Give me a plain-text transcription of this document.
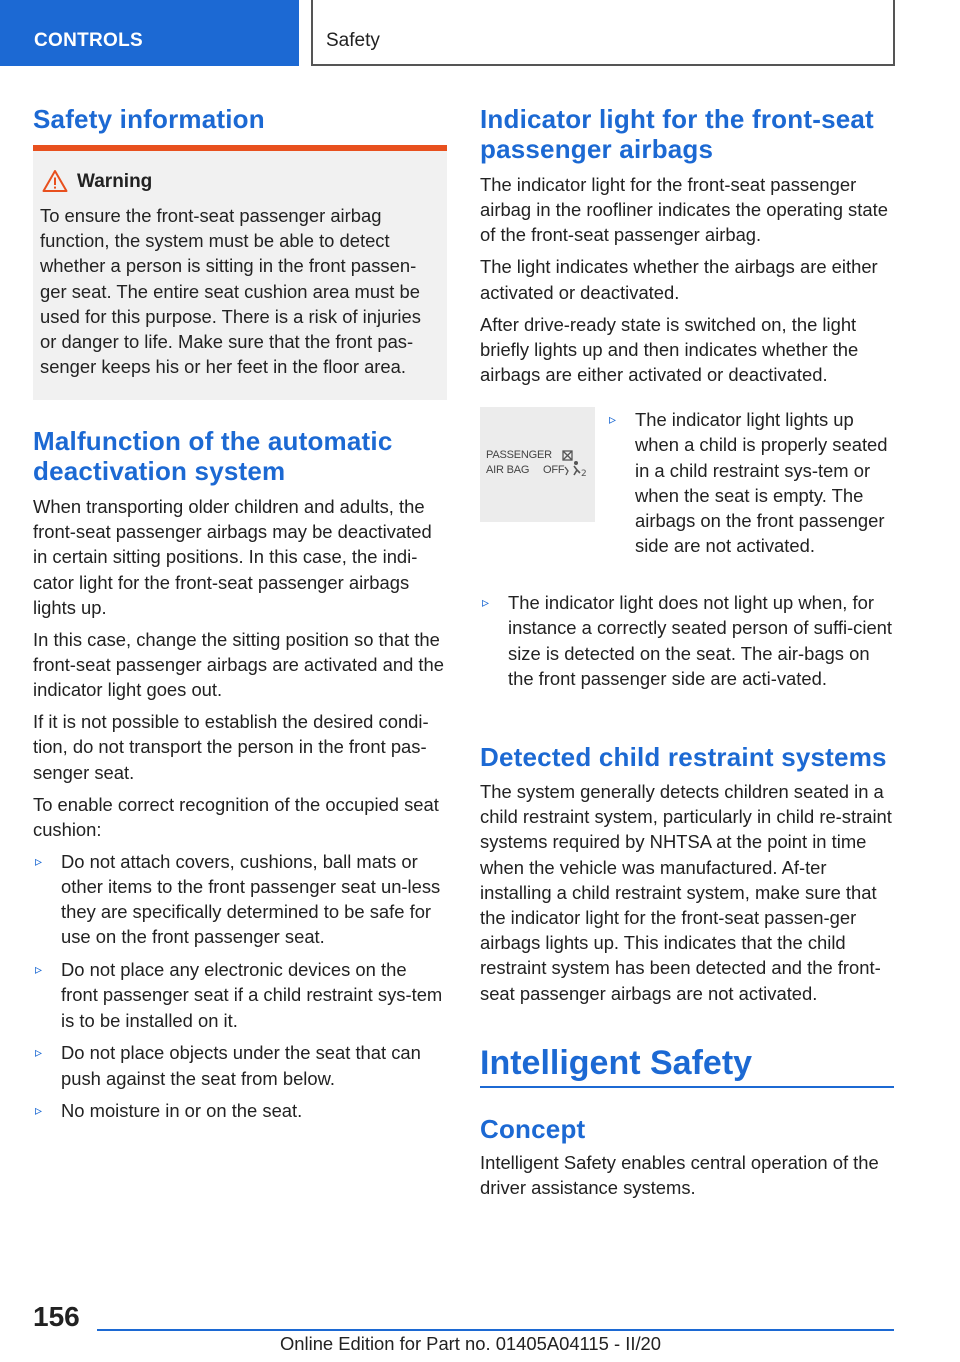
CONTROLS	Safety
Safety information
Warning

To ensure the front-seat passenger airbag function, the system must be able to detect whether a person is sitting in the front passen-ger seat. The entire seat cushion area must be used for this purpose. There is a risk of injuries or danger to life. Make sure that the front pas-senger keeps his or her feet in the floor area.

Malfunction of the automatic deactivation system

When transporting older children and adults, the front-seat passenger airbags may be deactivated in certain sitting positions. In this case, the indi-cator light for the front-seat passenger airbags lights up.

In this case, change the sitting position so that the front-seat passenger airbags are activated and the indicator light goes out.

If it is not possible to establish the desired condi-tion, do not transport the person in the front pas-senger seat.

To enable correct recognition of the occupied seat cushion:

▹ Do not attach covers, cushions, ball mats or other items to the front passenger seat un-less they are specifically determined to be safe for use on the front passenger seat.
▹ Do not place any electronic devices on the front passenger seat if a child restraint sys-tem is to be installed on it.
▹ Do not place objects under the seat that can push against the seat from below.
▹ No moisture in or on the seat.
Indicator light for the front-seat passenger airbags

The indicator light for the front-seat passenger airbag in the roofliner indicates the operating state of the front-seat passenger airbag.

The light indicates whether the airbags are either activated or deactivated.

After drive-ready state is switched on, the light briefly lights up and then indicates whether the airbags are either activated or deactivated.

PASSENGER
AIR BAG OFF 2
▹ The indicator light lights up when a child is properly seated in a child restraint sys-tem or when the seat is empty. The airbags on the front passenger side are not activated.
▹ The indicator light does not light up when, for instance a correctly seated person of suffi-cient size is detected on the seat. The air-bags on the front passenger side are acti-vated.
Detected child restraint systems

The system generally detects children seated in a child restraint system, particularly in child re-straint systems required by NHTSA at the point in time when the vehicle was manufactured. Af-ter installing a child restraint system, make sure that the indicator light for the front-seat passen-ger airbags lights up. This indicates that the child restraint system has been detected and the front-seat passenger airbags are not activated.

Intelligent Safety
Concept

Intelligent Safety enables central operation of the driver assistance systems.

156
Online Edition for Part no. 01405A04115 - II/20
